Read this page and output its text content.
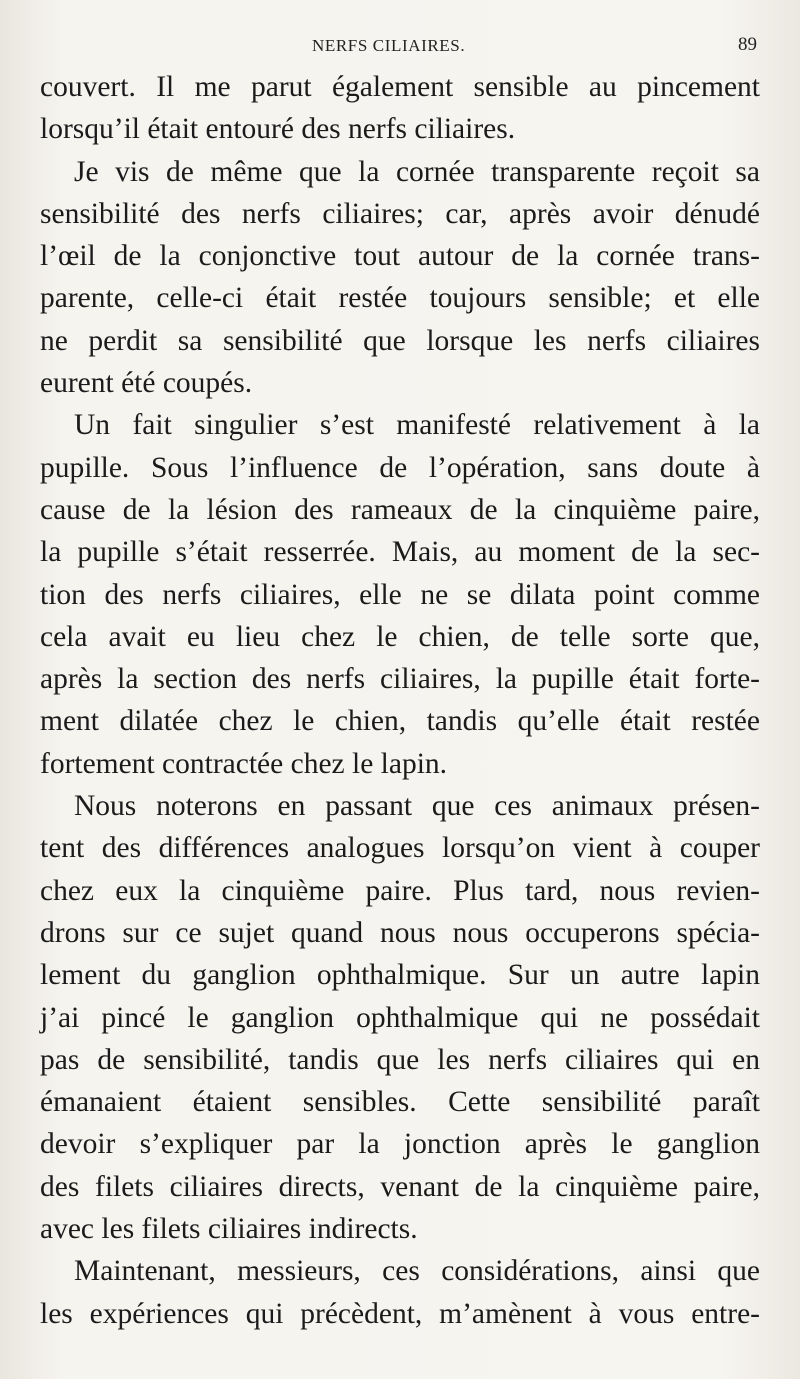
NERFS CILIAIRES.	89

couvert. Il me parut également sensible au pincement
lorsqu’il était entouré des nerfs ciliaires.

Je vis de même que la cornée transparente reçoit sa
sensibilité des nerfs ciliaires; car, après avoir dénudé
l’œil de la conjonctive tout autour de la cornée trans-
parente, celle-ci était restée toujours sensible; et elle
ne perdit sa sensibilité que lorsque les nerfs ciliaires
eurent été coupés.

Un fait singulier s’est manifesté relativement à la
pupille. Sous l’influence de l’opération, sans doute à
cause de la lésion des rameaux de la cinquième paire,
la pupille s’était resserrée. Mais, au moment de la sec-
tion des nerfs ciliaires, elle ne se dilata point comme
cela avait eu lieu chez le chien, de telle sorte que,
après la section des nerfs ciliaires, la pupille était forte-
ment dilatée chez le chien, tandis qu’elle était restée
fortement contractée chez le lapin.

Nous noterons en passant que ces animaux présen-
tent des différences analogues lorsqu’on vient à couper
chez eux la cinquième paire. Plus tard, nous revien-
drons sur ce sujet quand nous nous occuperons spécia-
lement du ganglion ophthalmique. Sur un autre lapin
j’ai pincé le ganglion ophthalmique qui ne possédait
pas de sensibilité, tandis que les nerfs ciliaires qui en
émanaient étaient sensibles. Cette sensibilité paraît
devoir s’expliquer par la jonction après le ganglion
des filets ciliaires directs, venant de la cinquième paire,
avec les filets ciliaires indirects.

Maintenant, messieurs, ces considérations, ainsi que
les expériences qui précèdent, m’amènent à vous entre-
